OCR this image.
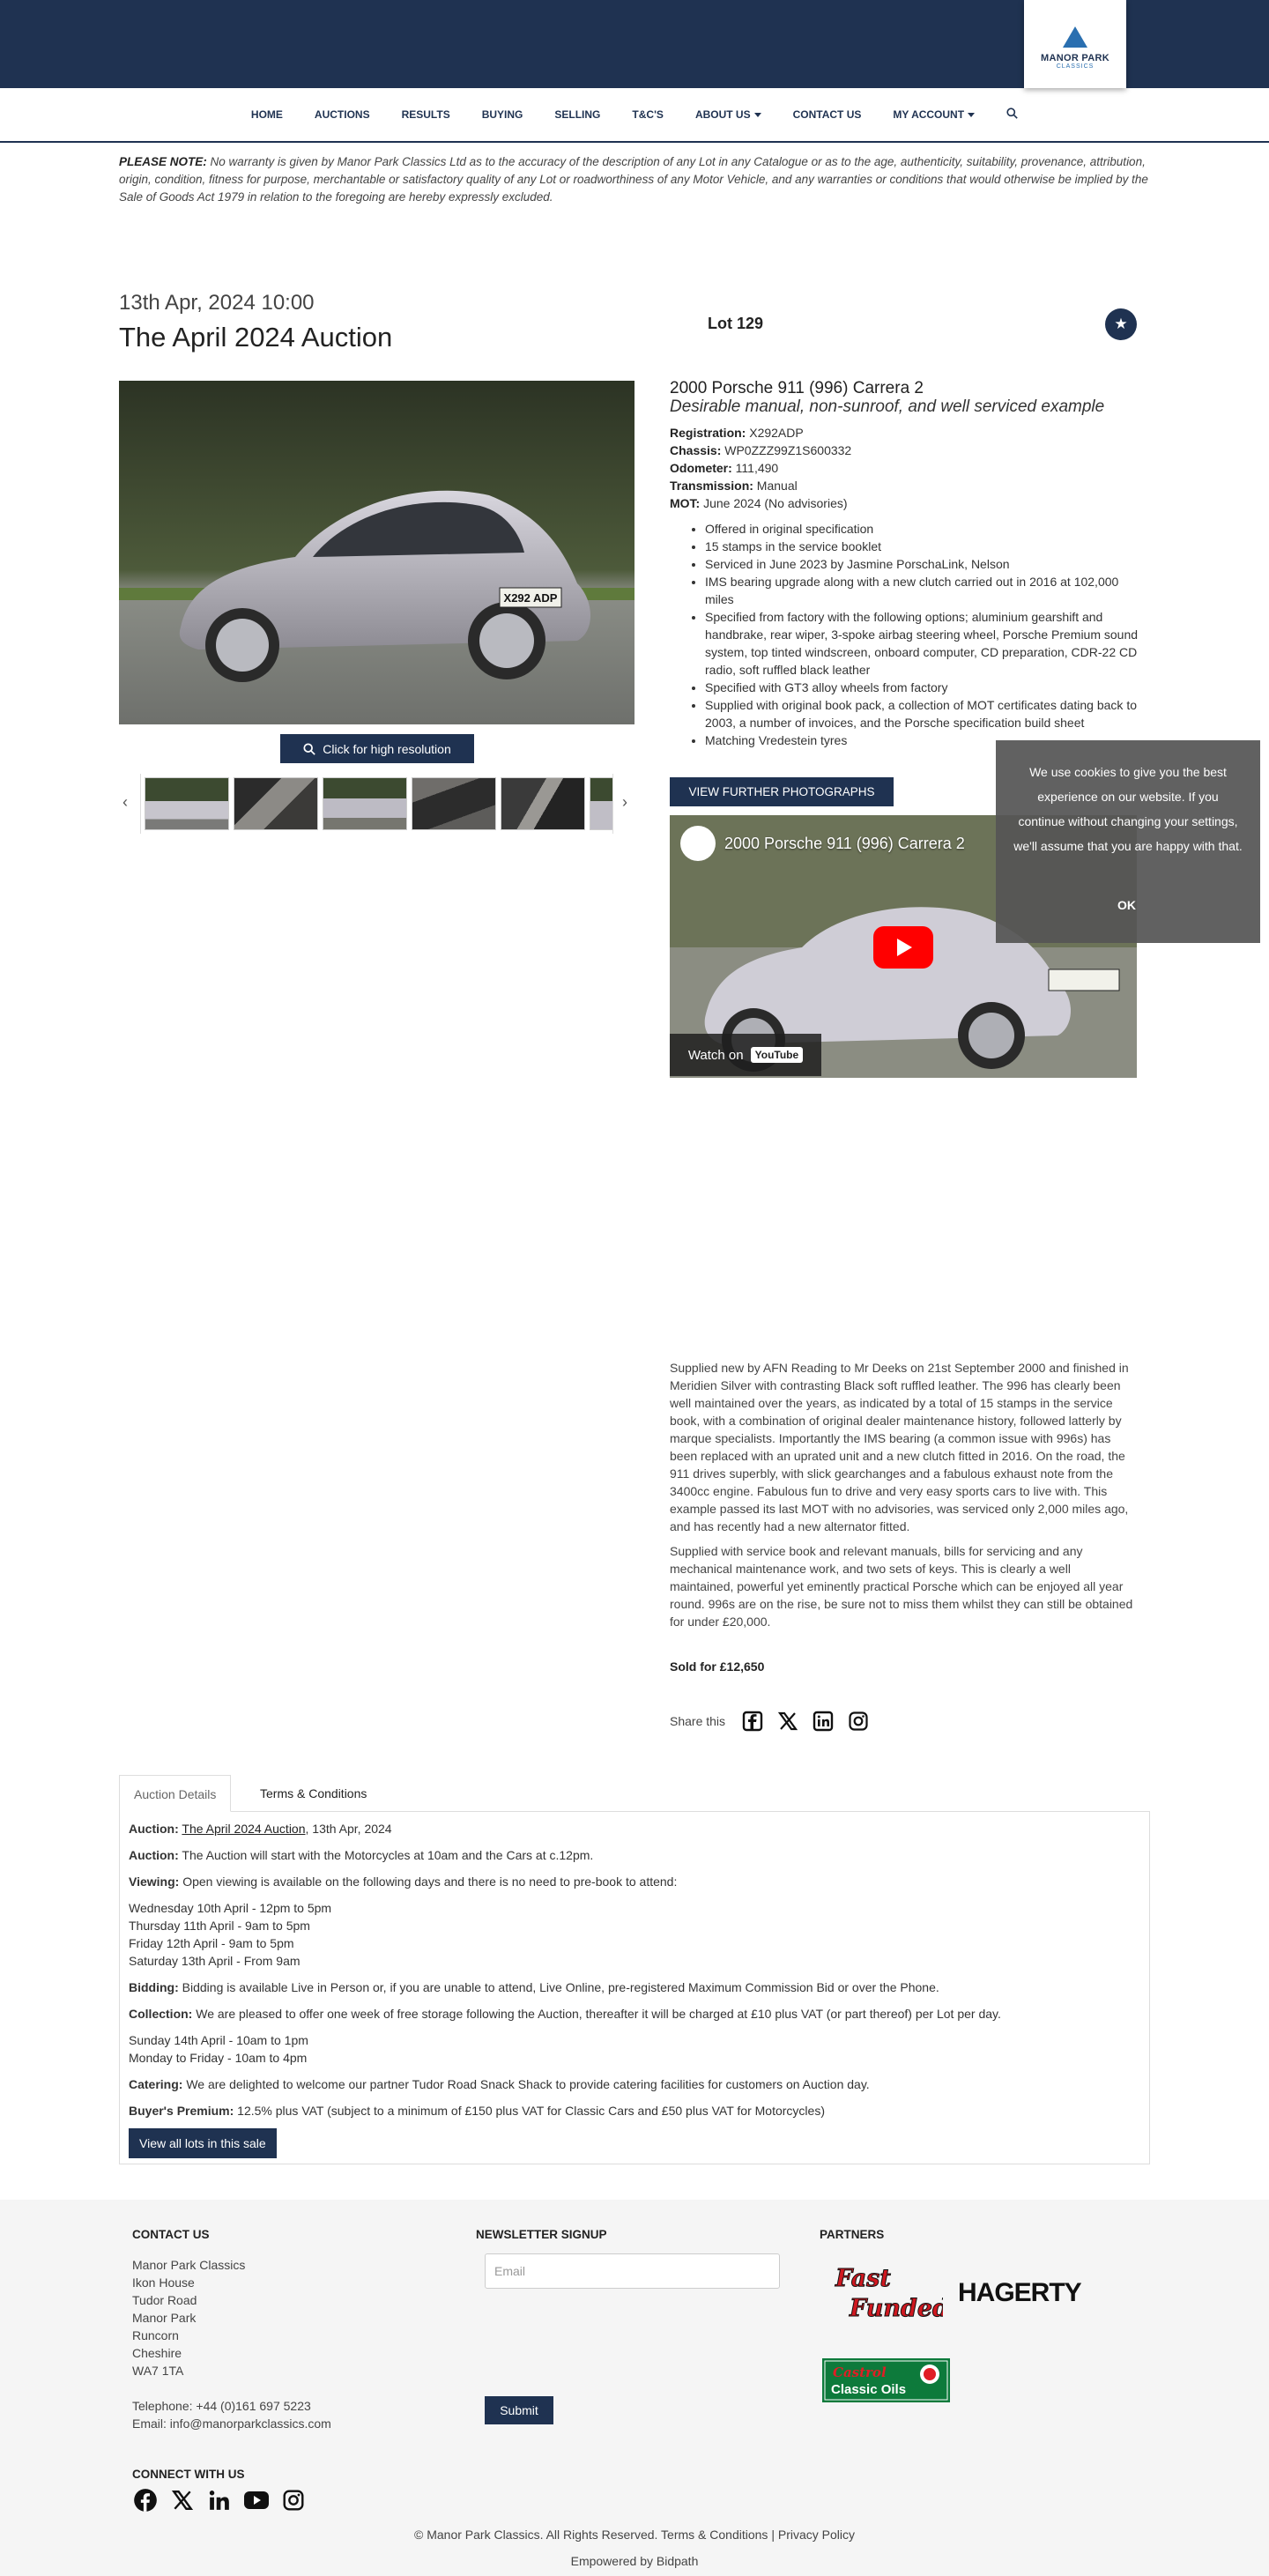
MANOR PARK
CLASSICS
HOME	AUCTIONS	RESULTS	BUYING	SELLING	T&C'S	ABOUT US	CONTACT US	MY ACCOUNT
PLEASE NOTE: No warranty is given by Manor Park Classics Ltd as to the accuracy of the description of any Lot in any Catalogue or as to the age, authenticity, suitability, provenance, attribution, origin, condition, fitness for purpose, merchantable or satisfactory quality of any Lot or roadworthiness of any Motor Vehicle, and any warranties or conditions that would otherwise be implied by the Sale of Goods Act 1979 in relation to the foregoing are hereby expressly excluded.
13th Apr, 2024 10:00
The April 2024 Auction
X292 ADP
Click for high resolution
‹	›
Lot 129	★
2000 Porsche 911 (996) Carrera 2
Desirable manual, non-sunroof, and well serviced example
Registration: X292ADP
Chassis: WP0ZZZ99Z1S600332
Odometer: 111,490
Transmission: Manual
MOT: June 2024 (No advisories)
• Offered in original specification
• 15 stamps in the service booklet
• Serviced in June 2023 by Jasmine PorschaLink, Nelson
• IMS bearing upgrade along with a new clutch carried out in 2016 at 102,000 miles
• Specified from factory with the following options; aluminium gearshift and handbrake, rear wiper, 3-spoke airbag steering wheel, Porsche Premium sound system, top tinted windscreen, onboard computer, CD preparation, CDR-22 CD radio, soft ruffled black leather
• Specified with GT3 alloy wheels from factory
• Supplied with original book pack, a collection of MOT certificates dating back to 2003, a number of invoices, and the Porsche specification build sheet
• Matching Vredestein tyres
VIEW FURTHER PHOTOGRAPHS
2000 Porsche 911 (996) Carrera 2
Watch on	YouTube

Supplied new by AFN Reading to Mr Deeks on 21st September 2000 and finished in Meridien Silver with contrasting Black soft ruffled leather. The 996 has clearly been well maintained over the years, as indicated by a total of 15 stamps in the service book, with a combination of original dealer maintenance history, followed latterly by marque specialists. Importantly the IMS bearing (a common issue with 996s) has been replaced with an uprated unit and a new clutch fitted in 2016. On the road, the 911 drives superbly, with slick gearchanges and a fabulous exhaust note from the 3400cc engine. Fabulous fun to drive and very easy sports cars to live with. This example passed its last MOT with no advisories, was serviced only 2,000 miles ago, and has recently had a new alternator fitted.

Supplied with service book and relevant manuals, bills for servicing and any mechanical maintenance work, and two sets of keys. This is clearly a well maintained, powerful yet eminently practical Porsche which can be enjoyed all year round. 996s are on the rise, be sure not to miss them whilst they can still be obtained for under £20,000.

Sold for £12,650
Share this
Auction Details	Terms & Conditions

Auction: The April 2024 Auction, 13th Apr, 2024

Auction: The Auction will start with the Motorcycles at 10am and the Cars at c.12pm.

Viewing: Open viewing is available on the following days and there is no need to pre-book to attend:

Wednesday 10th April - 12pm to 5pm
Thursday 11th April - 9am to 5pm
Friday 12th April - 9am to 5pm
Saturday 13th April - From 9am

Bidding: Bidding is available Live in Person or, if you are unable to attend, Live Online, pre-registered Maximum Commission Bid or over the Phone.

Collection: We are pleased to offer one week of free storage following the Auction, thereafter it will be charged at £10 plus VAT (or part thereof) per Lot per day.

Sunday 14th April - 10am to 1pm
Monday to Friday - 10am to 4pm

Catering: We are delighted to welcome our partner Tudor Road Snack Shack to provide catering facilities for customers on Auction day.

Buyer's Premium: 12.5% plus VAT (subject to a minimum of £150 plus VAT for Classic Cars and £50 plus VAT for Motorcycles)

View all lots in this sale
CONTACT US
Manor Park Classics
Ikon House
Tudor Road
Manor Park
Runcorn
Cheshire
WA7 1TA
Telephone: +44 (0)161 697 5223
Email: info@manorparkclassics.com
NEWSLETTER SIGNUP
Email
Submit
PARTNERS
Fast
Funded
HAGERTY
Castrol
Classic Oils
CONNECT WITH US
© Manor Park Classics. All Rights Reserved. Terms & Conditions | Privacy Policy
Empowered by Bidpath
We use cookies to give you the best experience on our website. If you continue without changing your settings, we'll assume that you are happy with that.
OK
